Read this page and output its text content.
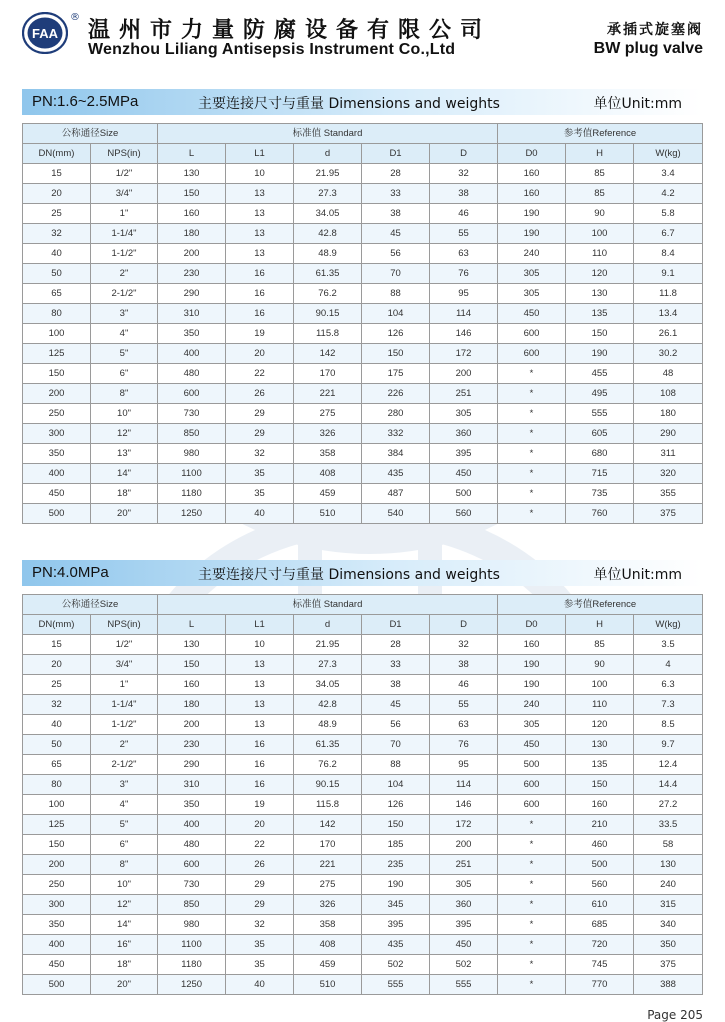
FAA
®
温州市力量防腐设备有限公司
Wenzhou Liliang Antisepsis Instrument Co.,Ltd
承插式旋塞阀
BW plug valve
PN:1.6~2.5MPa	主要连接尺寸与重量 Dimensions and weights	单位Unit:mm
公称通径Size		标准值 Standard					参考值Reference		
DN(mm)	NPS(in)	L	L1	d	D1	D	D0	H	W(kg)
15	1/2"	130	10	21.95	28	32	160	85	3.4
20	3/4"	150	13	27.3	33	38	160	85	4.2
25	1"	160	13	34.05	38	46	190	90	5.8
32	1-1/4"	180	13	42.8	45	55	190	100	6.7
40	1-1/2"	200	13	48.9	56	63	240	110	8.4
50	2"	230	16	61.35	70	76	305	120	9.1
65	2-1/2"	290	16	76.2	88	95	305	130	11.8
80	3"	310	16	90.15	104	114	450	135	13.4
100	4"	350	19	115.8	126	146	600	150	26.1
125	5"	400	20	142	150	172	600	190	30.2
150	6"	480	22	170	175	200	*	455	48
200	8"	600	26	221	226	251	*	495	108
250	10"	730	29	275	280	305	*	555	180
300	12"	850	29	326	332	360	*	605	290
350	13"	980	32	358	384	395	*	680	311
400	14"	1100	35	408	435	450	*	715	320
450	18"	1180	35	459	487	500	*	735	355
500	20"	1250	40	510	540	560	*	760	375
PN:4.0MPa	主要连接尺寸与重量 Dimensions and weights	单位Unit:mm
公称通径Size		标准值 Standard					参考值Reference		
DN(mm)	NPS(in)	L	L1	d	D1	D	D0	H	W(kg)
15	1/2"	130	10	21.95	28	32	160	85	3.5
20	3/4"	150	13	27.3	33	38	190	90	4
25	1"	160	13	34.05	38	46	190	100	6.3
32	1-1/4"	180	13	42.8	45	55	240	110	7.3
40	1-1/2"	200	13	48.9	56	63	305	120	8.5
50	2"	230	16	61.35	70	76	450	130	9.7
65	2-1/2"	290	16	76.2	88	95	500	135	12.4
80	3"	310	16	90.15	104	114	600	150	14.4
100	4"	350	19	115.8	126	146	600	160	27.2
125	5"	400	20	142	150	172	*	210	33.5
150	6"	480	22	170	185	200	*	460	58
200	8"	600	26	221	235	251	*	500	130
250	10"	730	29	275	190	305	*	560	240
300	12"	850	29	326	345	360	*	610	315
350	14"	980	32	358	395	395	*	685	340
400	16"	1100	35	408	435	450	*	720	350
450	18"	1180	35	459	502	502	*	745	375
500	20"	1250	40	510	555	555	*	770	388
Page 205
